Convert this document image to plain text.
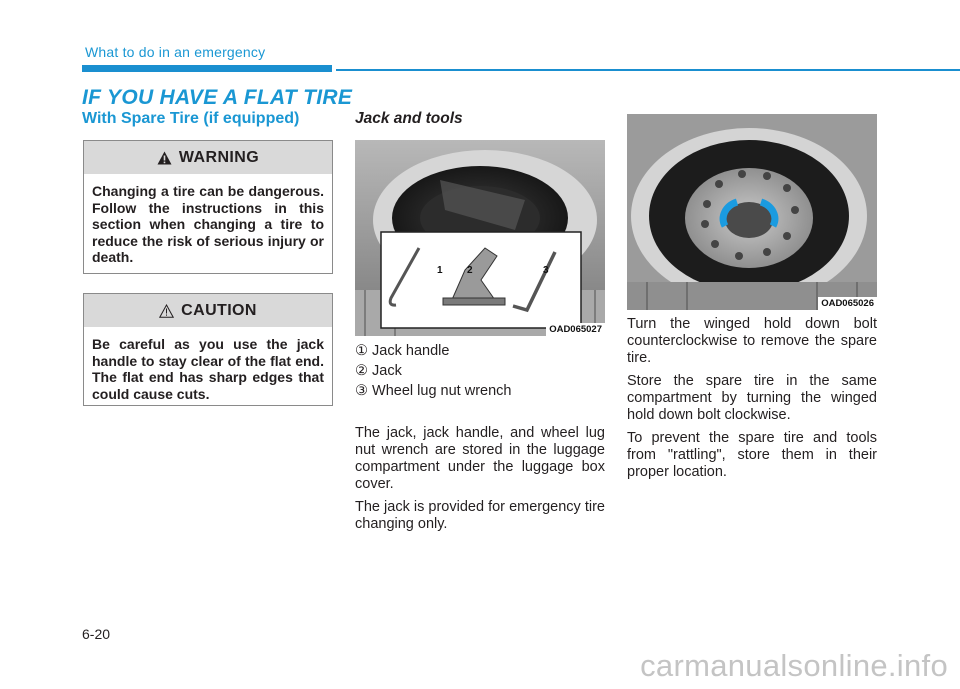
What to do in an emergency
IF YOU HAVE A FLAT TIRE
With Spare Tire (if equipped)
WARNING
Changing a tire can be dangerous. Follow the instructions in this section when changing a tire to reduce the risk of serious injury or death.
CAUTION
Be careful as you use the jack handle to stay clear of the flat end. The flat end has sharp edges that could cause cuts.
Jack and tools
1 2	3
OAD065027
① Jack handle
② Jack
③ Wheel lug nut wrench

The jack, jack handle, and wheel lug nut wrench are stored in the luggage compartment under the luggage box cover.

The jack is provided for emergency tire changing only.

OAD065026

Turn the winged hold down bolt counterclockwise to remove the spare tire.

Store the spare tire in the same compartment by turning the winged hold down bolt clockwise.

To prevent the spare tire and tools from "rattling", store them in their proper location.

6-20
carmanualsonline.info
